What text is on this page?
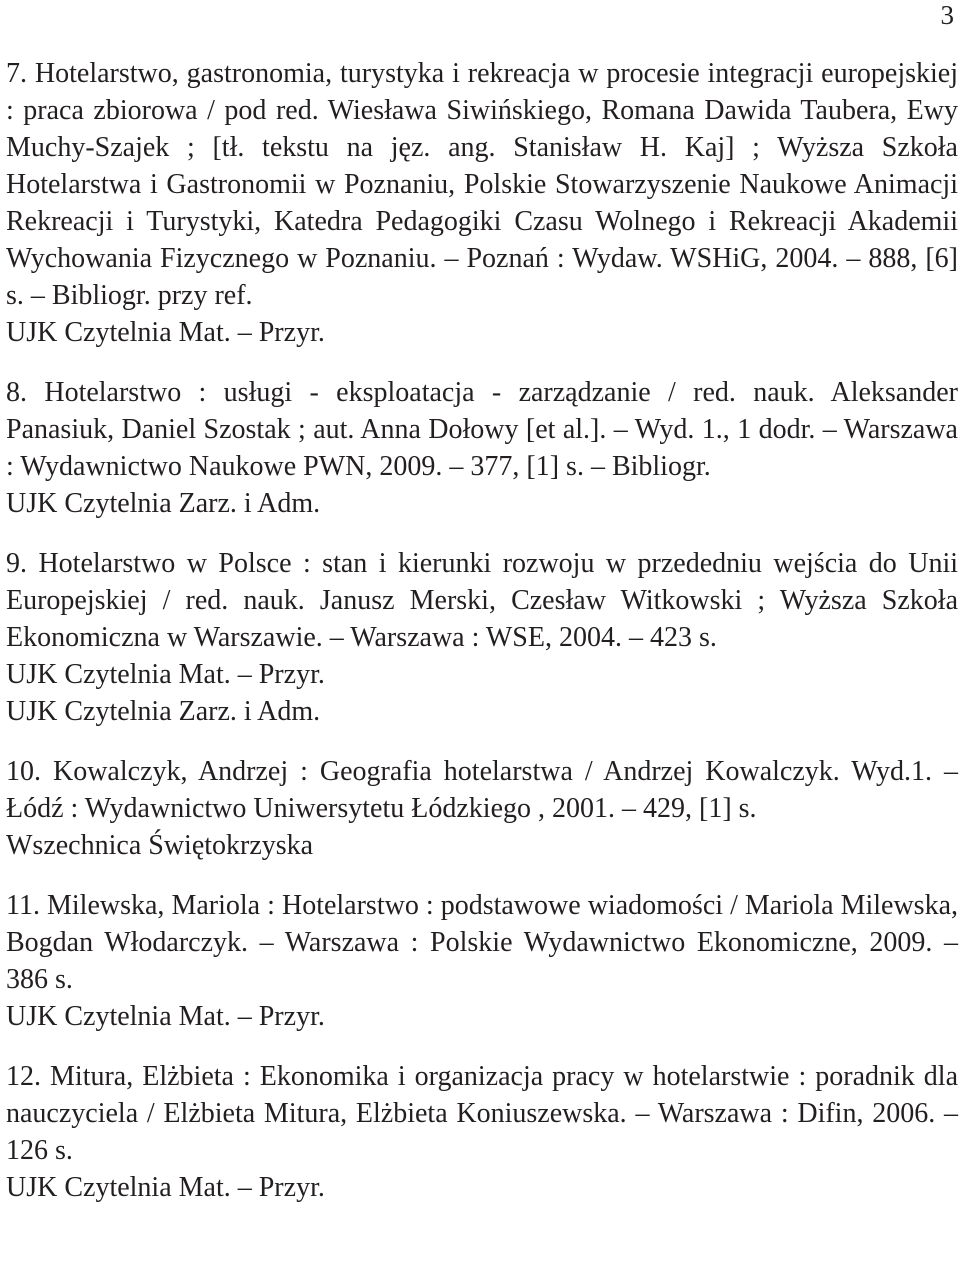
3

7. Hotelarstwo, gastronomia, turystyka i rekreacja w procesie integracji europejskiej : praca zbiorowa / pod red. Wiesława Siwińskiego, Romana Dawida Taubera, Ewy Muchy-Szajek ; [tł. tekstu na jęz. ang. Stanisław H. Kaj] ; Wyższa Szkoła Hotelarstwa i Gastronomii w Poznaniu, Polskie Stowarzyszenie Naukowe Animacji Rekreacji i Turystyki, Katedra Pedagogiki Czasu Wolnego i Rekreacji Akademii Wychowania Fizycznego w Poznaniu. – Poznań : Wydaw. WSHiG, 2004. – 888, [6] s. – Bibliogr. przy ref.

UJK Czytelnia Mat. – Przyr.

8. Hotelarstwo : usługi - eksploatacja - zarządzanie / red. nauk. Aleksander Panasiuk, Daniel Szostak ; aut. Anna Dołowy [et al.]. – Wyd. 1., 1 dodr. – Warszawa : Wydawnictwo Naukowe PWN, 2009. – 377, [1] s. – Bibliogr.

UJK Czytelnia Zarz. i Adm.

9. Hotelarstwo w Polsce : stan i kierunki rozwoju w przededniu wejścia do Unii Europejskiej / red. nauk. Janusz Merski, Czesław Witkowski ; Wyższa Szkoła Ekonomiczna w Warszawie. – Warszawa : WSE, 2004. – 423 s.

UJK Czytelnia Mat. – Przyr.
UJK Czytelnia Zarz. i Adm.

10. Kowalczyk, Andrzej : Geografia hotelarstwa / Andrzej Kowalczyk. Wyd.1. – Łódź : Wydawnictwo Uniwersytetu Łódzkiego , 2001. – 429, [1] s.

Wszechnica Świętokrzyska

11. Milewska, Mariola : Hotelarstwo : podstawowe wiadomości / Mariola Milewska, Bogdan Włodarczyk. – Warszawa : Polskie Wydawnictwo Ekonomiczne, 2009. – 386 s.

UJK Czytelnia Mat. – Przyr.

12. Mitura, Elżbieta : Ekonomika i organizacja pracy w hotelarstwie : poradnik dla nauczyciela / Elżbieta Mitura, Elżbieta Koniuszewska. – Warszawa : Difin, 2006. –126 s.

UJK Czytelnia Mat. – Przyr.
